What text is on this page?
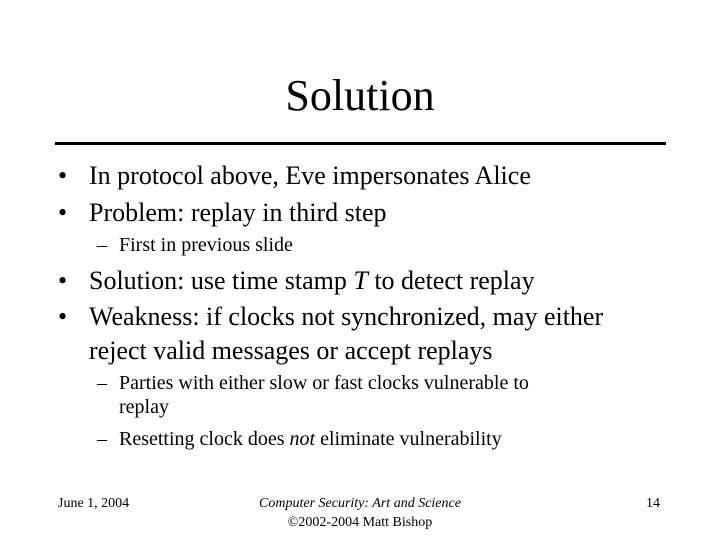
Solution
• In protocol above, Eve impersonates Alice
• Problem: replay in third step
– First in previous slide
• Solution: use time stamp T to detect replay
• Weakness: if clocks not synchronized, may either
reject valid messages or accept replays
– Parties with either slow or fast clocks vulnerable to
replay
– Resetting clock does not eliminate vulnerability
June 1, 2004	Computer Security: Art and Science
©2002-2004 Matt Bishop
14
